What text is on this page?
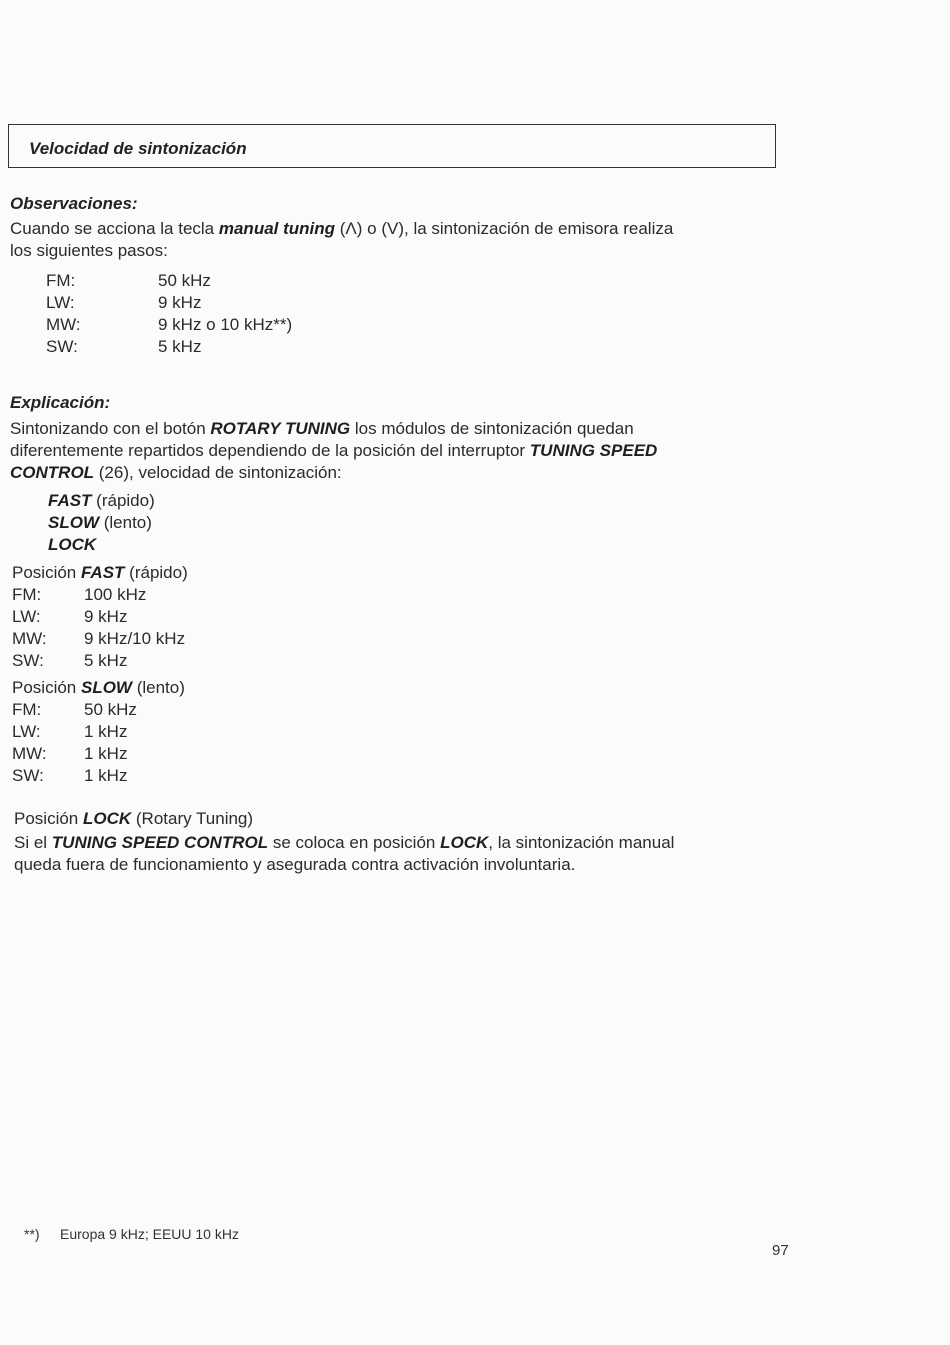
Velocidad de sintonización
Observaciones:

Cuando se acciona la tecla manual tuning (Λ) o (V), la sintonización de emisora realiza
los siguientes pasos:

FM:	50 kHz
LW:	9 kHz
MW:	9 kHz o 10 kHz**)
SW:	5 kHz
Explicación:

Sintonizando con el botón ROTARY TUNING los módulos de sintonización quedan
diferentemente repartidos dependiendo de la posición del interruptor TUNING SPEED
CONTROL (26), velocidad de sintonización:

FAST (rápido)
SLOW (lento)
LOCK
Posición FAST (rápido)
FM:	100 kHz
LW:	9 kHz
MW: 9 kHz/10 kHz
SW: 5 kHz
Posición SLOW (lento)
FM:	50 kHz
LW:	1 kHz
MW: 1 kHz
SW: 1 kHz
Posición LOCK (Rotary Tuning)

Si el TUNING SPEED CONTROL se coloca en posición LOCK, la sintonización manual
queda fuera de funcionamiento y asegurada contra activación involuntaria.

**) Europa 9 kHz; EEUU 10 kHz
97
